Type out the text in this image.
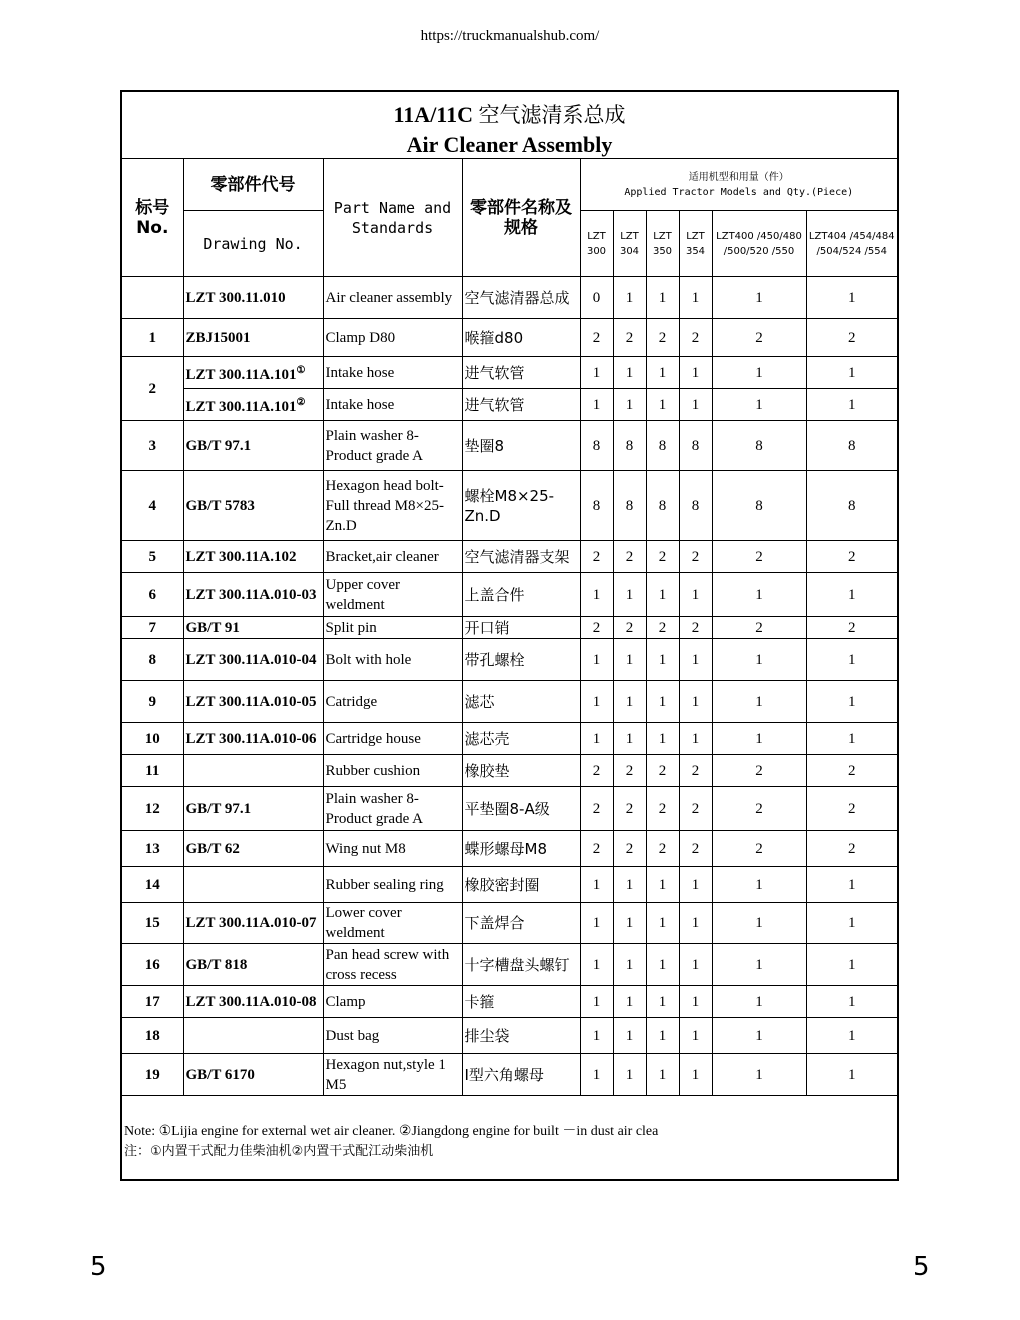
https://truckmanualshub.com/
11A/11C 空气滤清系总成
Air Cleaner Assembly
标号No.	零部件代号	Part Name and Standards	零部件名称及规格	适用机型和用量（件）
Applied Tractor Models and Qty.(Piece)					

	Drawing No.			LZT 300	LZT 304	LZT 350	LZT 354	LZT400 /450/480 /500/520 /550	LZT404 /454/484 /504/524 /554
	LZT 300.11.010	Air cleaner assembly	空气滤清器总成	0	1	1	1	1	1
1	ZBJ15001	Clamp D80	喉箍d80	2	2	2	2	2	2
2	LZT 300.11A.101①	Intake hose	进气软管	1	1	1	1	1	1
	LZT 300.11A.101②	Intake hose	进气软管	1	1	1	1	1	1
3	GB/T 97.1	Plain washer 8-Product grade A	垫圈8	8	8	8	8	8	8
4	GB/T 5783	Hexagon head bolt-Full thread M8×25-Zn.D	螺栓M8×25-Zn.D	8	8	8	8	8	8
5	LZT 300.11A.102	Bracket,air cleaner	空气滤清器支架	2	2	2	2	2	2
6	LZT 300.11A.010-03	Upper cover weldment	上盖合件	1	1	1	1	1	1
7	GB/T 91	Split pin	开口销	2	2	2	2	2	2
8	LZT 300.11A.010-04	Bolt with hole	带孔螺栓	1	1	1	1	1	1
9	LZT 300.11A.010-05	Catridge	滤芯	1	1	1	1	1	1
10	LZT 300.11A.010-06	Cartridge house	滤芯壳	1	1	1	1	1	1
11		Rubber cushion	橡胶垫	2	2	2	2	2	2
12	GB/T 97.1	Plain washer 8-Product grade A	平垫圈8-A级	2	2	2	2	2	2
13	GB/T 62	Wing nut M8	蝶形螺母M8	2	2	2	2	2	2
14		Rubber sealing ring	橡胶密封圈	1	1	1	1	1	1
15	LZT 300.11A.010-07	Lower cover weldment	下盖焊合	1	1	1	1	1	1
16	GB/T 818	Pan head screw with cross recess	十字槽盘头螺钉	1	1	1	1	1	1
17	LZT 300.11A.010-08	Clamp	卡箍	1	1	1	1	1	1
18		Dust bag	排尘袋	1	1	1	1	1	1
19	GB/T 6170	Hexagon nut,style 1 M5	I型六角螺母	1	1	1	1	1	1
Note: ①Lijia engine for external wet air cleaner. ②Jiangdong engine for built －in dust air clea
注：①内置干式配力佳柴油机②内置干式配江动柴油机
5	5
